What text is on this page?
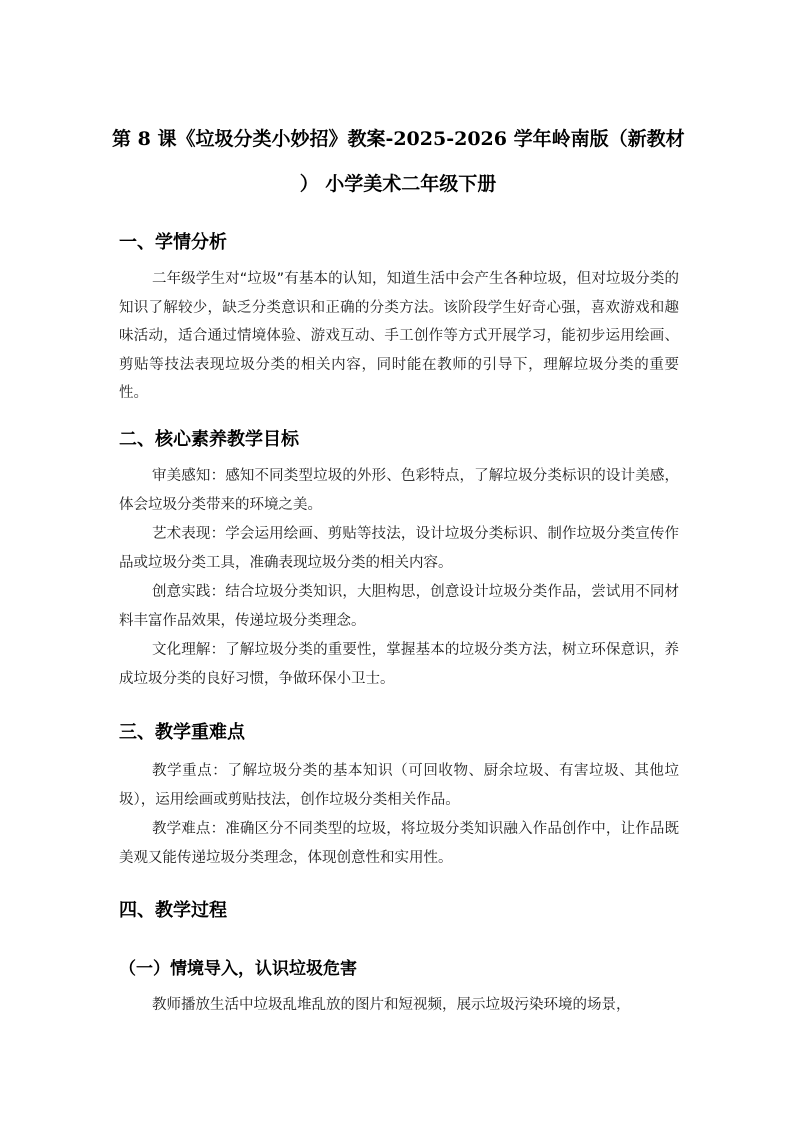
第 8 课《垃圾分类小妙招》教案-2025-2026 学年岭南版（新教材
） 小学美术二年级下册
一、学情分析
二年级学生对“垃圾”有基本的认知，知道生活中会产生各种垃圾，但对垃圾分类的知识了解较少，缺乏分类意识和正确的分类方法。该阶段学生好奇心强，喜欢游戏和趣味活动，适合通过情境体验、游戏互动、手工创作等方式开展学习，能初步运用绘画、剪贴等技法表现垃圾分类的相关内容，同时能在教师的引导下，理解垃圾分类的重要性。
二、核心素养教学目标
审美感知：感知不同类型垃圾的外形、色彩特点，了解垃圾分类标识的设计美感，体会垃圾分类带来的环境之美。
艺术表现：学会运用绘画、剪贴等技法，设计垃圾分类标识、制作垃圾分类宣传作品或垃圾分类工具，准确表现垃圾分类的相关内容。
创意实践：结合垃圾分类知识，大胆构思，创意设计垃圾分类作品，尝试用不同材料丰富作品效果，传递垃圾分类理念。
文化理解：了解垃圾分类的重要性，掌握基本的垃圾分类方法，树立环保意识，养成垃圾分类的良好习惯，争做环保小卫士。
三、教学重难点
教学重点：了解垃圾分类的基本知识（可回收物、厨余垃圾、有害垃圾、其他垃圾），运用绘画或剪贴技法，创作垃圾分类相关作品。
教学难点：准确区分不同类型的垃圾，将垃圾分类知识融入作品创作中，让作品既美观又能传递垃圾分类理念，体现创意性和实用性。
四、教学过程
（一）情境导入，认识垃圾危害
教师播放生活中垃圾乱堆乱放的图片和短视频，展示垃圾污染环境的场景，
